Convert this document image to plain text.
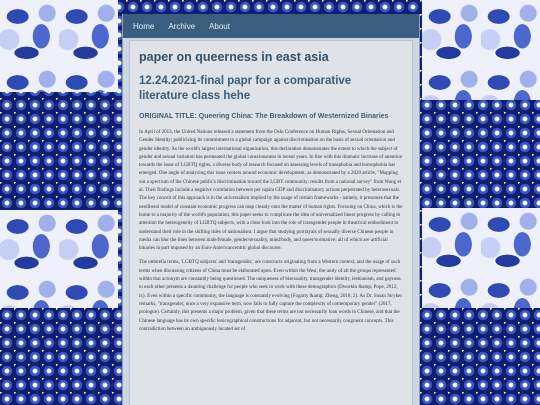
Home Archive About
paper on queerness in east asia
12.24.2021-final papr for a comparative literature class hehe
ORIGINAL TITLE: Queering China: The Breakdown of Westernized Binaries

In April of 2013, the United Nations released a statement from the Oslo Conference on Human Rights, Sexual Orientation and Gender Identity; publicizing its commitment to a global campaign against discrimination on the basis of sexual orientation and gender identity. As the world's largest international organization, this declaration demonstrates the extent to which the subject of gender and sexual variation has permeated the global consciousness in recent years. In line with this dramatic increase of attention towards the issue of LGBTQ rights, a diverse body of research focused on assessing levels of transphobia and homophobia has emerged. One angle of analyzing this issue centers around economic development, as demonstrated by a 2020 article, "Mapping out a spectrum of the Chinese public's discrimination toward the LGBT community: results from a national survey" from Wang et al. Their findings include a negative correlation between per capita GDP and discriminatory actions perpetrated by heterosexuals. The key conceit of this approach is in the universalism implied by the usage of certain frameworks - namely, it presumes that the neoliberal model of constant economic progress can map cleanly onto the matter of human rights. Focusing on China, which is the home to a majority of the world's population, this paper seeks to complicate the idea of universalized linear progress by calling to attention the heterogeneity of LGBTQ subjects, with a close look into the role of transgender people in theatrical embodiment to understand their role in the shifting tides of nationalism. I argue that studying portrayals of sexually diverse Chinese people in media can blur the lines between male/female, gender/sexuality, mind/body, and queer/normative; all of which are artificial binaries in part imposed by an Euro-Americancentric global discourse.

The umbrella terms, 'LGBTQ subjects' and 'transgender,' are constructs originating from a Western context, and the usage of such terms when discussing citizens of China must be elaborated upon. Even within the West, the unity of all the groups represented within that acronym are constantly being questioned. The uniqueness of bisexuality, transgender identity, lesbianism, and gayness to each other presents a daunting challenge for people who seek to work with these demographics (Dworkin &amp; Pope, 2012, ix). Even within a specific community, the language is constantly evolving (Fogarty &amp; Zheng, 2018, 2). As Dr. Susan Stryker remarks, "transgender, once a very expansive term, now fails to fully capture the complexity of contemporary gender" (2017, prologue). Certainly, this presents a major problem, given that these terms are not necessarily loan words in Chinese, and that the Chinese language has its own specific lexicographical constructions for adjacent, but not necessarily congruent concepts. This contradiction between an ambiguously located set of
